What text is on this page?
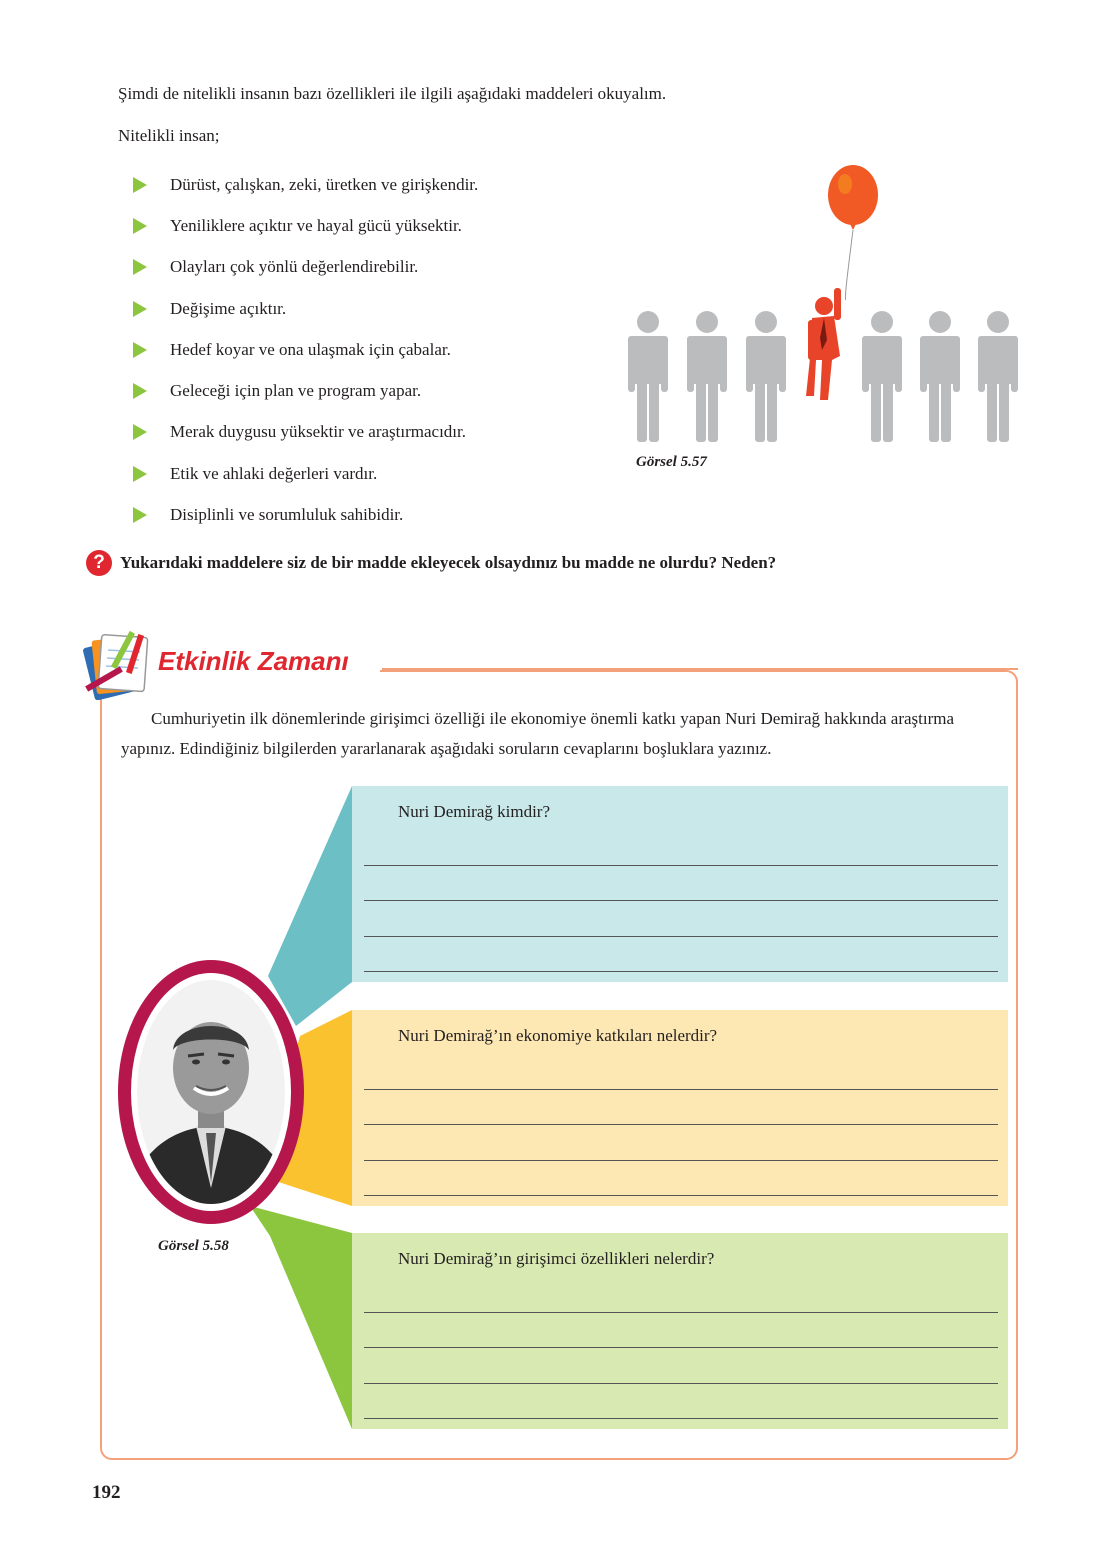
Şimdi de nitelikli insanın bazı özellikleri ile ilgili aşağıdaki maddeleri okuyalım.
Nitelikli insan;
Dürüst, çalışkan, zeki, üretken ve girişkendir.
Yeniliklere açıktır ve hayal gücü yüksektir.
Olayları çok yönlü değerlendirebilir.
Değişime açıktır.
Hedef koyar ve ona ulaşmak için çabalar.
Geleceği için plan ve program yapar.
Merak duygusu yüksektir ve araştırmacıdır.
Etik ve ahlaki değerleri vardır.
Disiplinli ve sorumluluk sahibidir.
Görsel 5.57
? Yukarıdaki maddelere siz de bir madde ekleyecek olsaydınız bu madde ne olurdu? Neden?
Etkinlik Zamanı
Cumhuriyetin ilk dönemlerinde girişimci özelliği ile ekonomiye önemli katkı yapan Nuri Demirağ hakkında araştırma yapınız. Edindiğiniz bilgilerden yararlanarak aşağıdaki soruların cevaplarını boşluklara yazınız.
Nuri Demirağ kimdir?
Nuri Demirağ’ın ekonomiye katkıları nelerdir?
Nuri Demirağ’ın girişimci özellikleri nelerdir?
Görsel 5.58
192
